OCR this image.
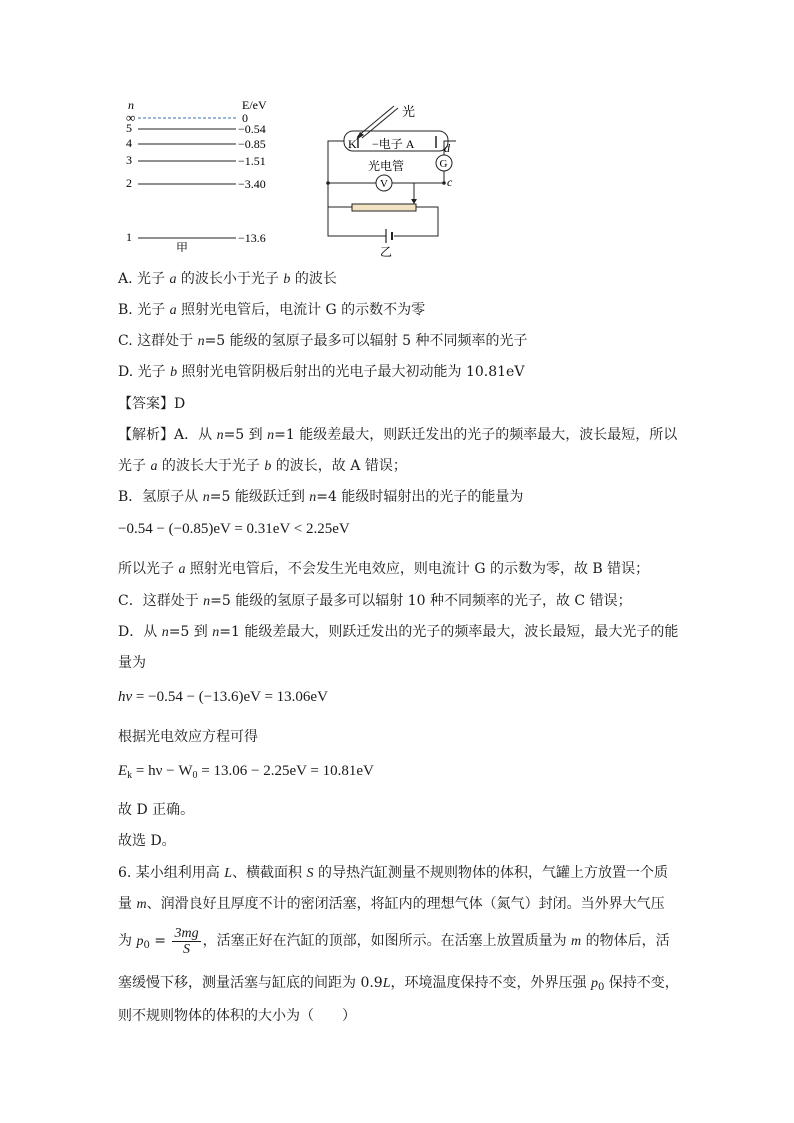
n	E/eV
∞	0
5	−0.54
4	−0.85
3	−1.51
2	−3.40
1	−13.6
甲
光
K −电子 A
光电管	G
d
c
V
乙
A. 光子 a 的波长小于光子 b 的波长
B. 光子 a 照射光电管后，电流计 G 的示数不为零
C. 这群处于 n=5 能级的氢原子最多可以辐射 5 种不同频率的光子
D. 光子 b 照射光电管阴极后射出的光电子最大初动能为 10.81eV
【答案】D
【解析】A．从 n=5 到 n=1 能级差最大，则跃迁发出的光子的频率最大，波长最短，所以
光子 a 的波长大于光子 b 的波长，故 A 错误；
B．氢原子从 n=5 能级跃迁到 n=4 能级时辐射出的光子的能量为
−0.54 − (−0.85)eV = 0.31eV < 2.25eV
所以光子 a 照射光电管后，不会发生光电效应，则电流计 G 的示数为零，故 B 错误；
C．这群处于 n=5 能级的氢原子最多可以辐射 10 种不同频率的光子，故 C 错误；
D．从 n=5 到 n=1 能级差最大，则跃迁发出的光子的频率最大，波长最短，最大光子的能
量为
hν = −0.54 − (−13.6)eV = 13.06eV
根据光电效应方程可得
$E_k = h\nu - W_0 = 13.06 - 2.25eV = 10.81eV$
故 D 正确。
故选 D。
6. 某小组利用高 L、横截面积 S 的导热汽缸测量不规则物体的体积，气罐上方放置一个质
量 m、润滑良好且厚度不计的密闭活塞，将缸内的理想气体（氮气）封闭。当外界大气压
为 $p_0 = \frac{3mg}{S}$ ，活塞正好在汽缸的顶部，如图所示。在活塞上放置质量为 m 的物体后，活
塞缓慢下移，测量活塞与缸底的间距为 0.9L，环境温度保持不变，外界压强 $p_0$ 保持不变，
则不规则物体的体积的大小为（　　）
